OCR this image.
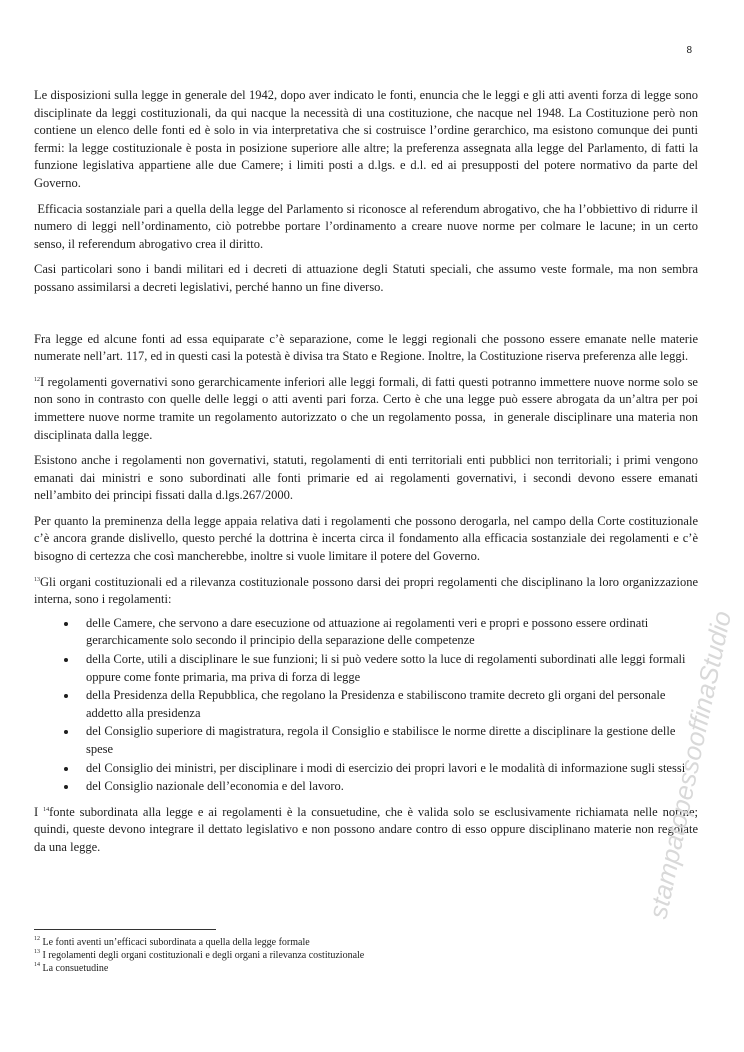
8

Le disposizioni sulla legge in generale del 1942, dopo aver indicato le fonti, enuncia che le leggi e gli atti aventi forza di legge sono disciplinate da leggi costituzionali, da qui nacque la necessità di una costituzione, che nacque nel 1948. La Costituzione però non contiene un elenco delle fonti ed è solo in via interpretativa che si costruisce l’ordine gerarchico, ma esistono comunque dei punti fermi: la legge costituzionale è posta in posizione superiore alle altre; la preferenza assegnata alla legge del Parlamento, di fatti la funzione legislativa appartiene alle due Camere; i limiti posti a d.lgs. e d.l. ed ai presupposti del potere normativo da parte del Governo.

Efficacia sostanziale pari a quella della legge del Parlamento si riconosce al referendum abrogativo, che ha l’obbiettivo di ridurre il numero di leggi nell’ordinamento, ciò potrebbe portare l’ordinamento a creare nuove norme per colmare le lacune; in un certo senso, il referendum abrogativo crea il diritto.

Casi particolari sono i bandi militari ed i decreti di attuazione degli Statuti speciali, che assumo veste formale, ma non sembra possano assimilarsi a decreti legislativi, perché hanno un fine diverso.

Fra legge ed alcune fonti ad essa equiparate c’è separazione, come le leggi regionali che possono essere emanate nelle materie numerate nell’art. 117, ed in questi casi la potestà è divisa tra Stato e Regione. Inoltre, la Costituzione riserva preferenza alle leggi.

$^{12}$I regolamenti governativi sono gerarchicamente inferiori alle leggi formali, di fatti questi potranno immettere nuove norme solo se non sono in contrasto con quelle delle leggi o atti aventi pari forza. Certo è che una legge può essere abrogata da un’altra per poi immettere nuove norme tramite un regolamento autorizzato o che un regolamento possa,  in generale disciplinare una materia non disciplinata dalla legge.

Esistono anche i regolamenti non governativi, statuti, regolamenti di enti territoriali enti pubblici non territoriali; i primi vengono emanati dai ministri e sono subordinati alle fonti primarie ed ai regolamenti governativi, i secondi devono essere emanati nell’ambito dei principi fissati dalla d.lgs.267/2000.

Per quanto la preminenza della legge appaia relativa dati i regolamenti che possono derogarla, nel campo della Corte costituzionale c’è ancora grande dislivello, questo perché la dottrina è incerta circa il fondamento alla efficacia sostanziale dei regolamenti e c’è bisogno di certezza che così mancherebbe, inoltre si vuole limitare il potere del Governo.

$^{13}$Gli organi costituzionali ed a rilevanza costituzionale possono darsi dei propri regolamenti che disciplinano la loro organizzazione interna, sono i regolamenti:

• delle Camere, che servono a dare esecuzione od attuazione ai regolamenti veri e propri e possono essere ordinati gerarchicamente solo secondo il principio della separazione delle competenze
• della Corte, utili a disciplinare le sue funzioni; li si può vedere sotto la luce di regolamenti subordinati alle leggi formali oppure come fonte primaria, ma priva di forza di legge
• della Presidenza della Repubblica, che regolano la Presidenza e stabiliscono tramite decreto gli organi del personale addetto alla presidenza
• del Consiglio superiore di magistratura, regola il Consiglio e stabilisce le norme dirette a disciplinare la gestione delle spese
• del Consiglio dei ministri, per disciplinare i modi di esercizio dei propri lavori e le modalità di informazione sugli stessi
• del Consiglio nazionale dell’economia e del lavoro.

I $^{14}$fonte subordinata alla legge e ai regolamenti è la consuetudine, che è valida solo se esclusivamente richiamata nelle norme; quindi, queste devono integrare il dettato legislativo e non possono andare contro di esso oppure disciplinano materie non regolate da una legge.

$^{12}$ Le fonti aventi un’efficaci subordinata a quella della legge formale
$^{13}$ I regolamenti degli organi costituzionali e degli organi a rilevanza costituzionale
$^{14}$ La consuetudine
stampatopessooffinaStudio
